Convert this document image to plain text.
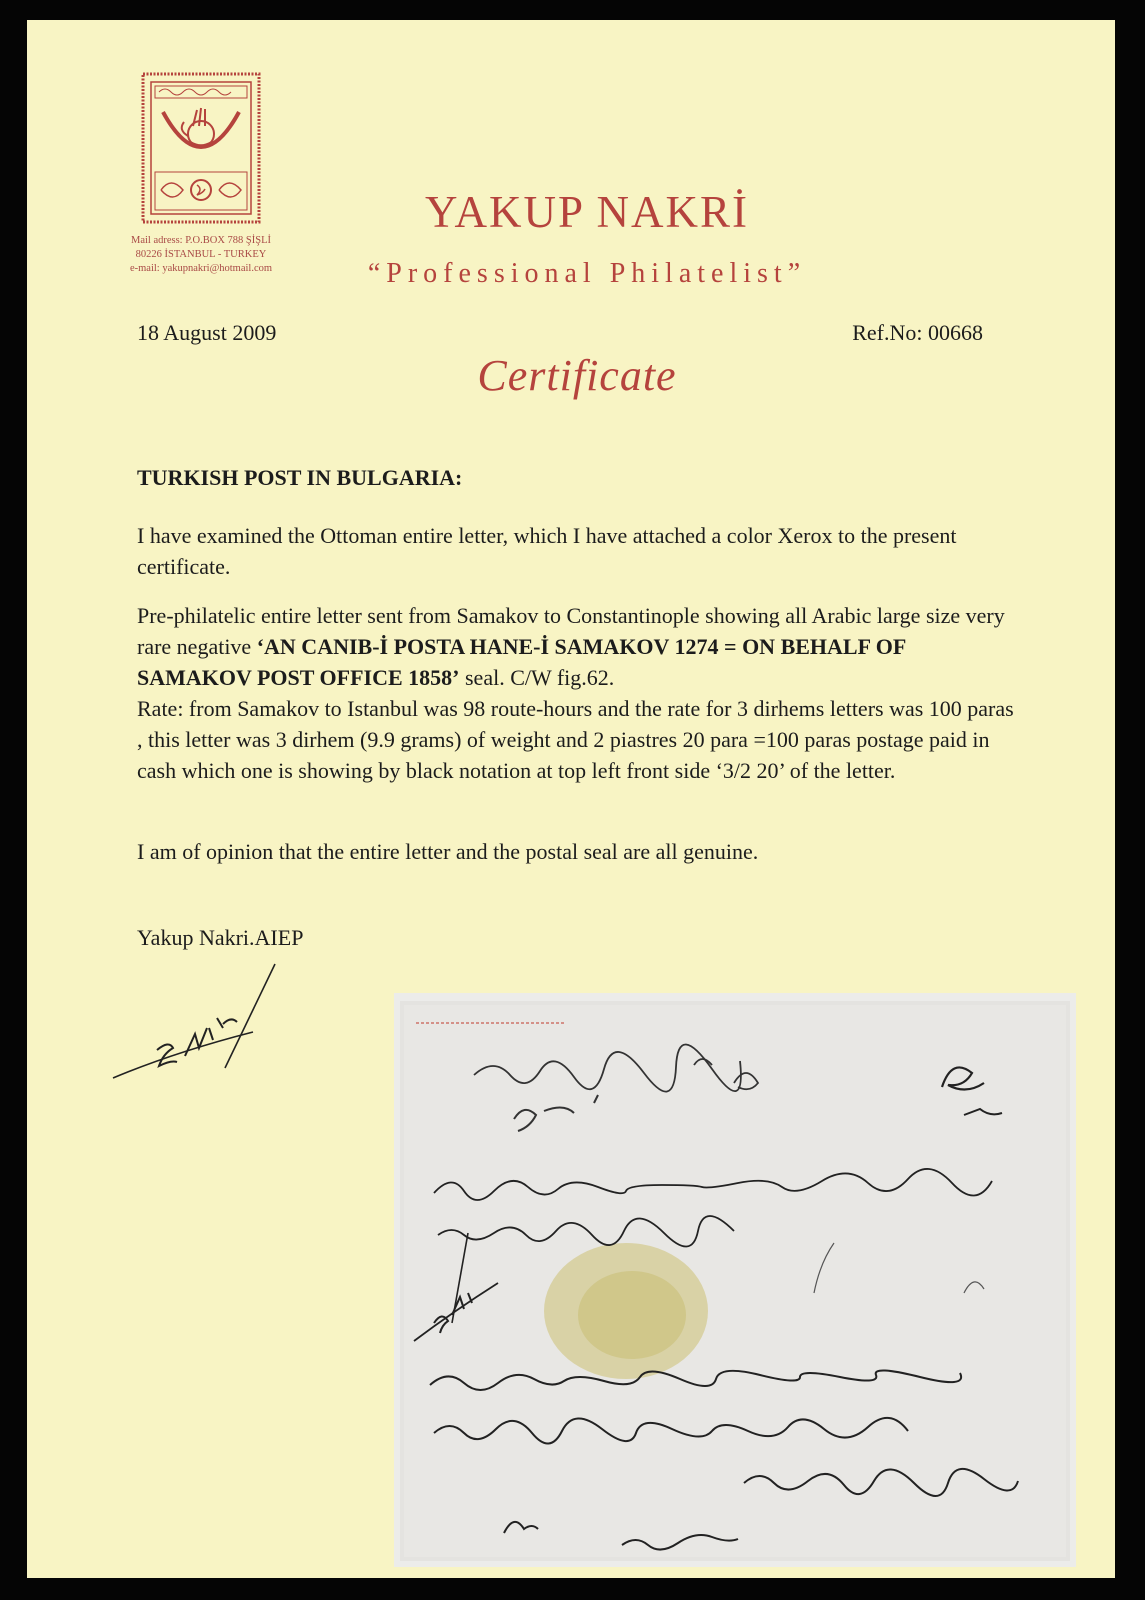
Mail adress: P.O.BOX 788 ŞİŞLİ
80226 İSTANBUL - TURKEY
e-mail: yakupnakri@hotmail.com
YAKUP NAKRİ
“Professional Philatelist”
18 August 2009	Ref.No: 00668
Certificate
TURKISH POST IN BULGARIA:
I have examined the Ottoman entire letter, which I have attached a color Xerox to the present certificate.
Pre-philatelic entire letter sent from Samakov to Constantinople showing all Arabic large size very rare negative ‘AN CANIB-İ POSTA HANE-İ SAMAKOV 1274 = ON BEHALF OF SAMAKOV POST OFFICE 1858’ seal. C/W fig.62.
Rate: from Samakov to Istanbul was 98 route-hours and the rate for 3 dirhems letters was 100 paras , this letter was 3 dirhem (9.9 grams) of weight and 2 piastres 20 para =100 paras postage paid in cash which one is showing by black notation at top left front side ‘3/2 20’ of the letter.
I am of opinion that the entire letter and the postal seal are all genuine.
Yakup Nakri.AIEP
